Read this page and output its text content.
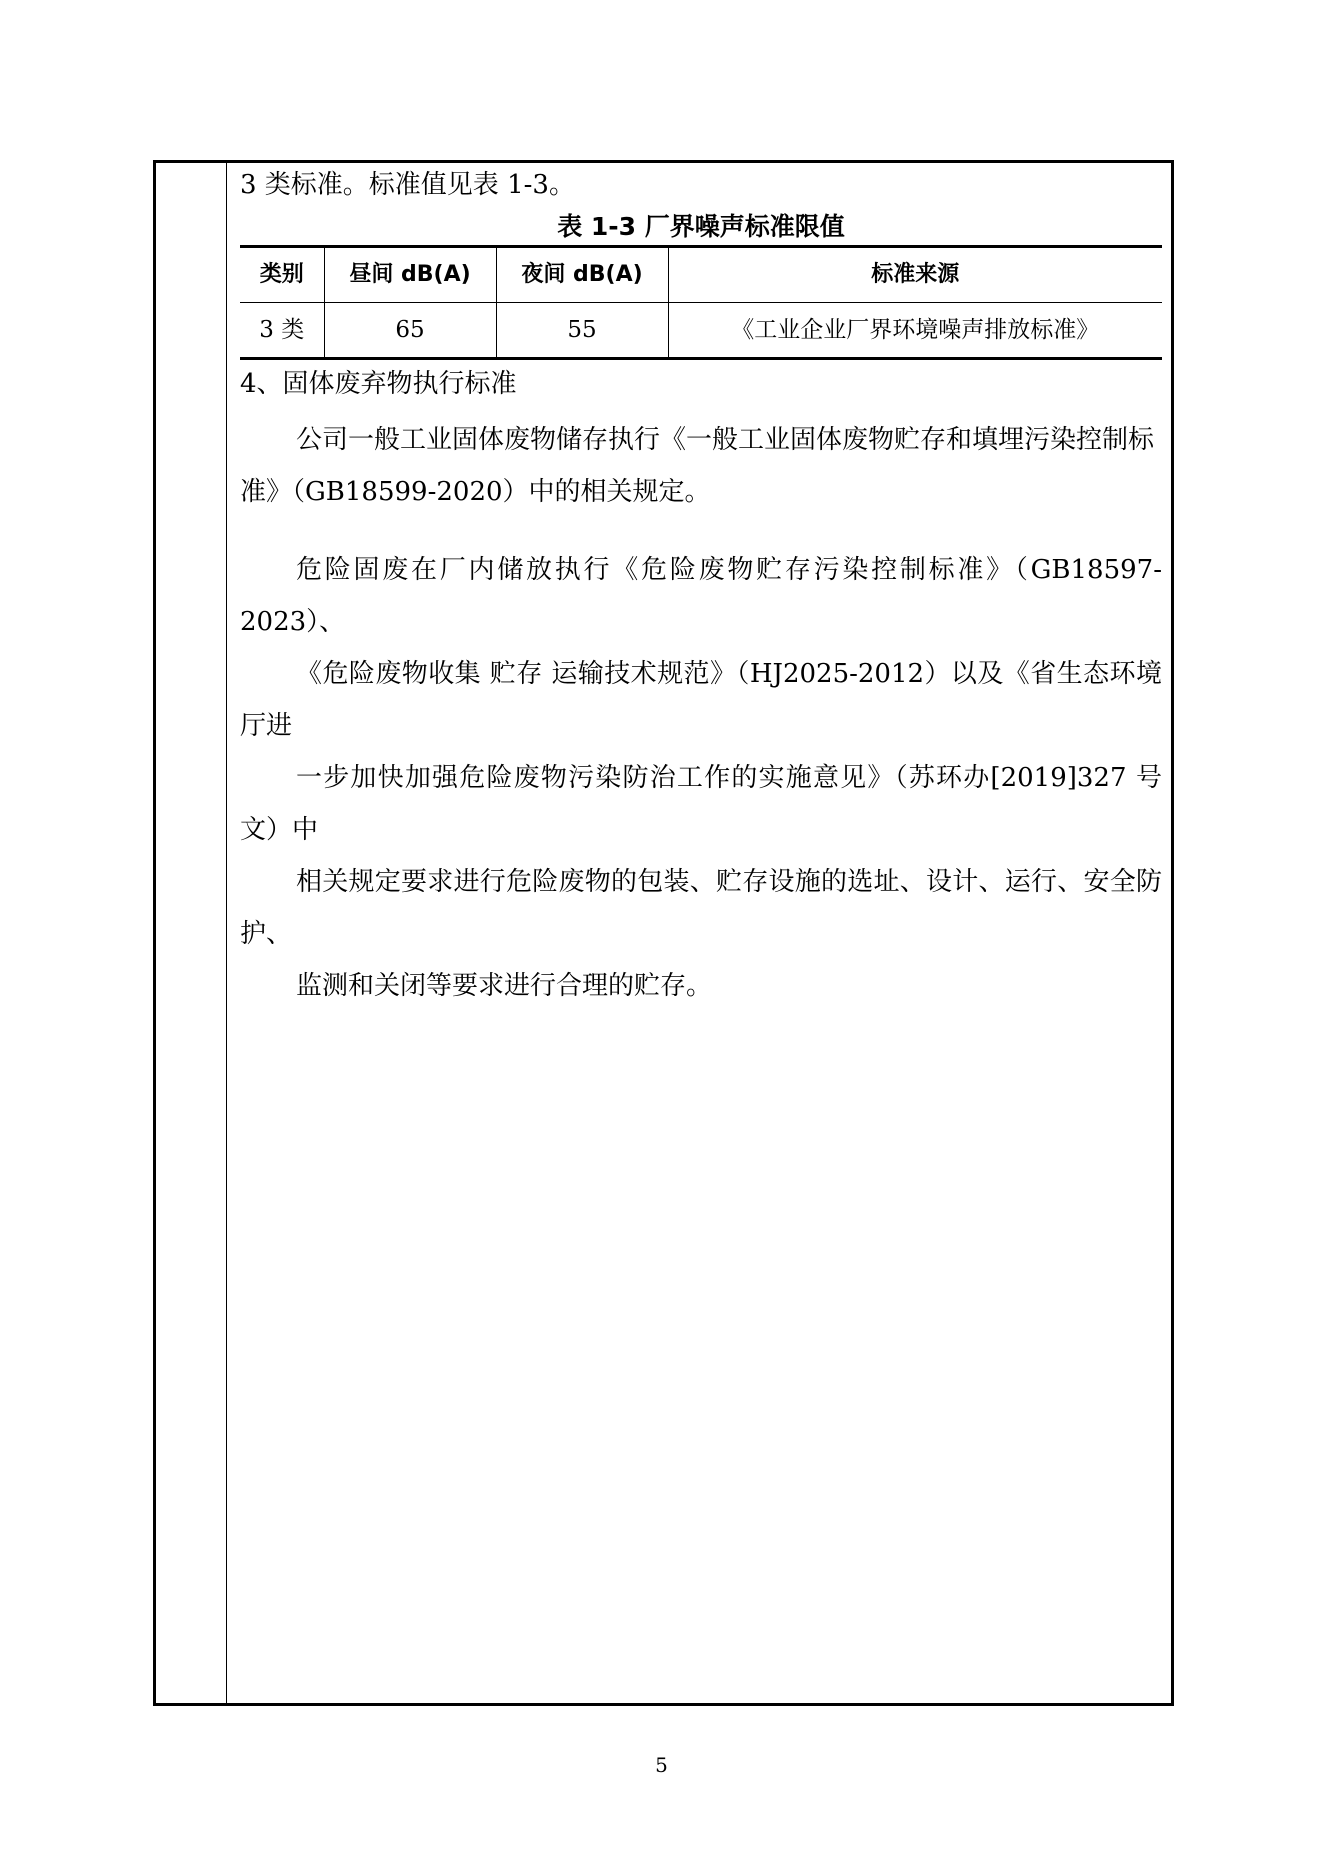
3 类标准。标准值见表 1-3。

表 1-3 厂界噪声标准限值
类别	昼间 dB(A)	夜间 dB(A)	标准来源
3 类	65	55	《工业企业厂界环境噪声排放标准》

4、固体废弃物执行标准

公司一般工业固体废物储存执行《一般工业固体废物贮存和填埋污染控制标
准》（GB18599-2020）中的相关规定。

危险固废在厂内储放执行《危险废物贮存污染控制标准》（GB18597-2023）、
《危险废物收集 贮存 运输技术规范》（HJ2025-2012）以及《省生态环境厅进
一步加快加强危险废物污染防治工作的实施意见》（苏环办[2019]327 号文）中
相关规定要求进行危险废物的包装、贮存设施的选址、设计、运行、安全防护、
监测和关闭等要求进行合理的贮存。

5
